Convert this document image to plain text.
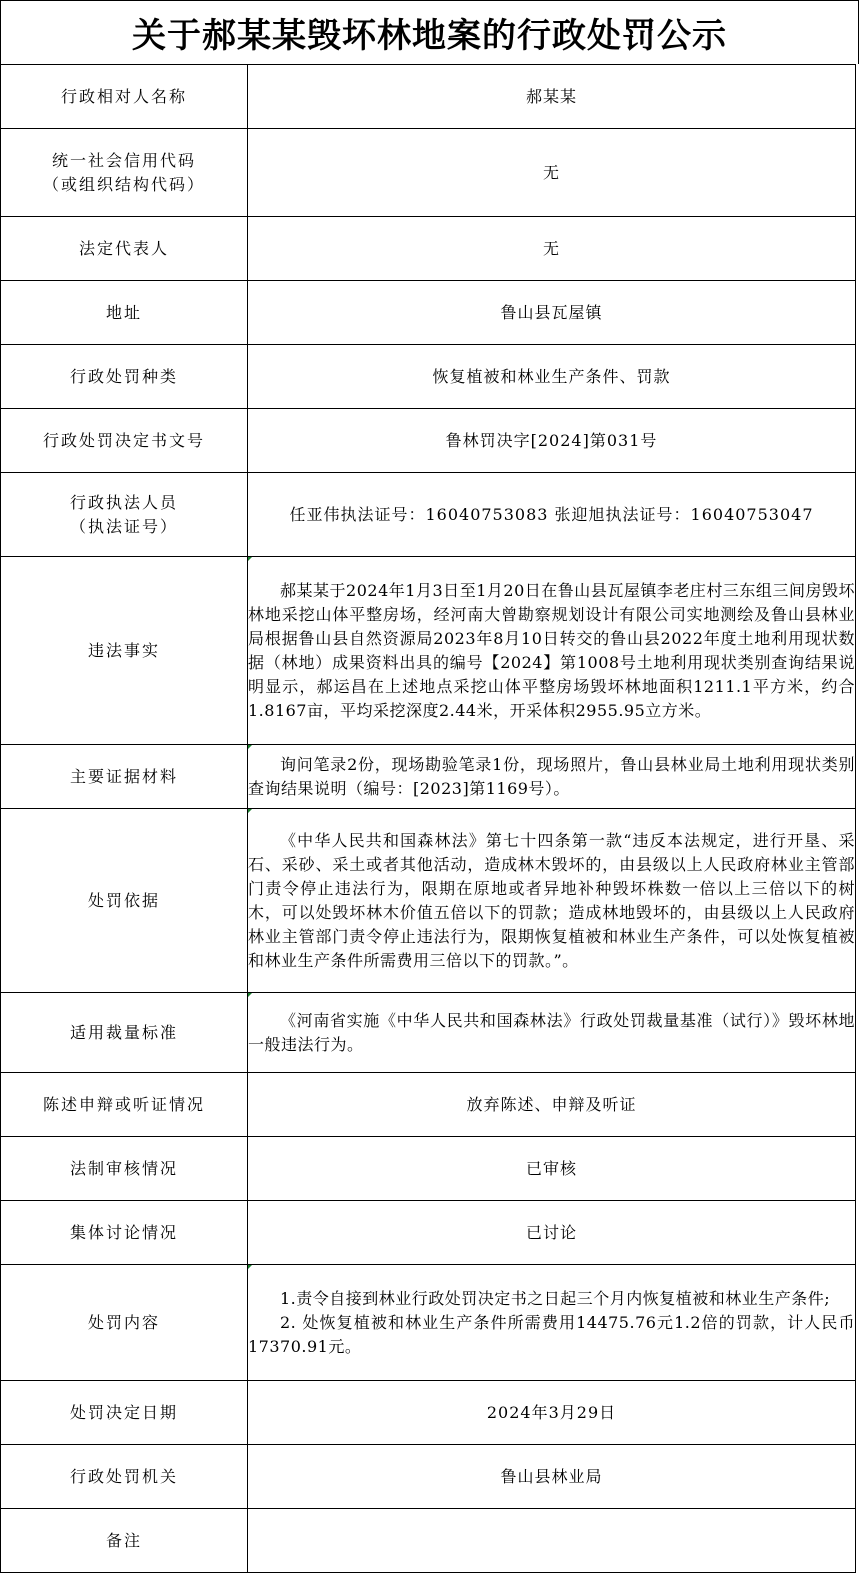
关于郝某某毁坏林地案的行政处罚公示
行政相对人名称	郝某某

统一社会信用代码
（或组织结构代码）	无
法定代表人	无
地址	鲁山县瓦屋镇
行政处罚种类	恢复植被和林业生产条件、罚款
行政处罚决定书文号	鲁林罚决字[2024]第031号

行政执法人员
（执法证号）	任亚伟执法证号：16040753083 张迎旭执法证号：16040753047
违法事实	郝某某于2024年1月3日至1月20日在鲁山县瓦屋镇李老庄村三东组三间房毁坏林地采挖山体平整房场，经河南大曾勘察规划设计有限公司实地测绘及鲁山县林业局根据鲁山县自然资源局2023年8月10日转交的鲁山县2022年度土地利用现状数据（林地）成果资料出具的编号【2024】第1008号土地利用现状类别查询结果说明显示，郝运昌在上述地点采挖山体平整房场毁坏林地面积1211.1平方米，约合1.8167亩，平均采挖深度2.44米，开采体积2955.95立方米。

主要证据材料	询问笔录2份，现场勘验笔录1份，现场照片，鲁山县林业局土地利用现状类别查询结果说明（编号：[2023]第1169号）。

处罚依据	《中华人民共和国森林法》第七十四条第一款“违反本法规定，进行开垦、采石、采砂、采土或者其他活动，造成林木毁坏的，由县级以上人民政府林业主管部门责令停止违法行为，限期在原地或者异地补种毁坏株数一倍以上三倍以下的树木，可以处毁坏林木价值五倍以下的罚款；造成林地毁坏的，由县级以上人民政府林业主管部门责令停止违法行为，限期恢复植被和林业生产条件，可以处恢复植被和林业生产条件所需费用三倍以下的罚款。”。

适用裁量标准	《河南省实施《中华人民共和国森林法》行政处罚裁量基准（试行）》毁坏林地一般违法行为。

陈述申辩或听证情况	放弃陈述、申辩及听证
法制审核情况	已审核
集体讨论情况	已讨论
处罚内容	1.责令自接到林业行政处罚决定书之日起三个月内恢复植被和林业生产条件;

2. 处恢复植被和林业生产条件所需费用14475.76元1.2倍的罚款，计人民币17370.91元。

处罚决定日期	2024年3月29日
行政处罚机关	鲁山县林业局
备注	
